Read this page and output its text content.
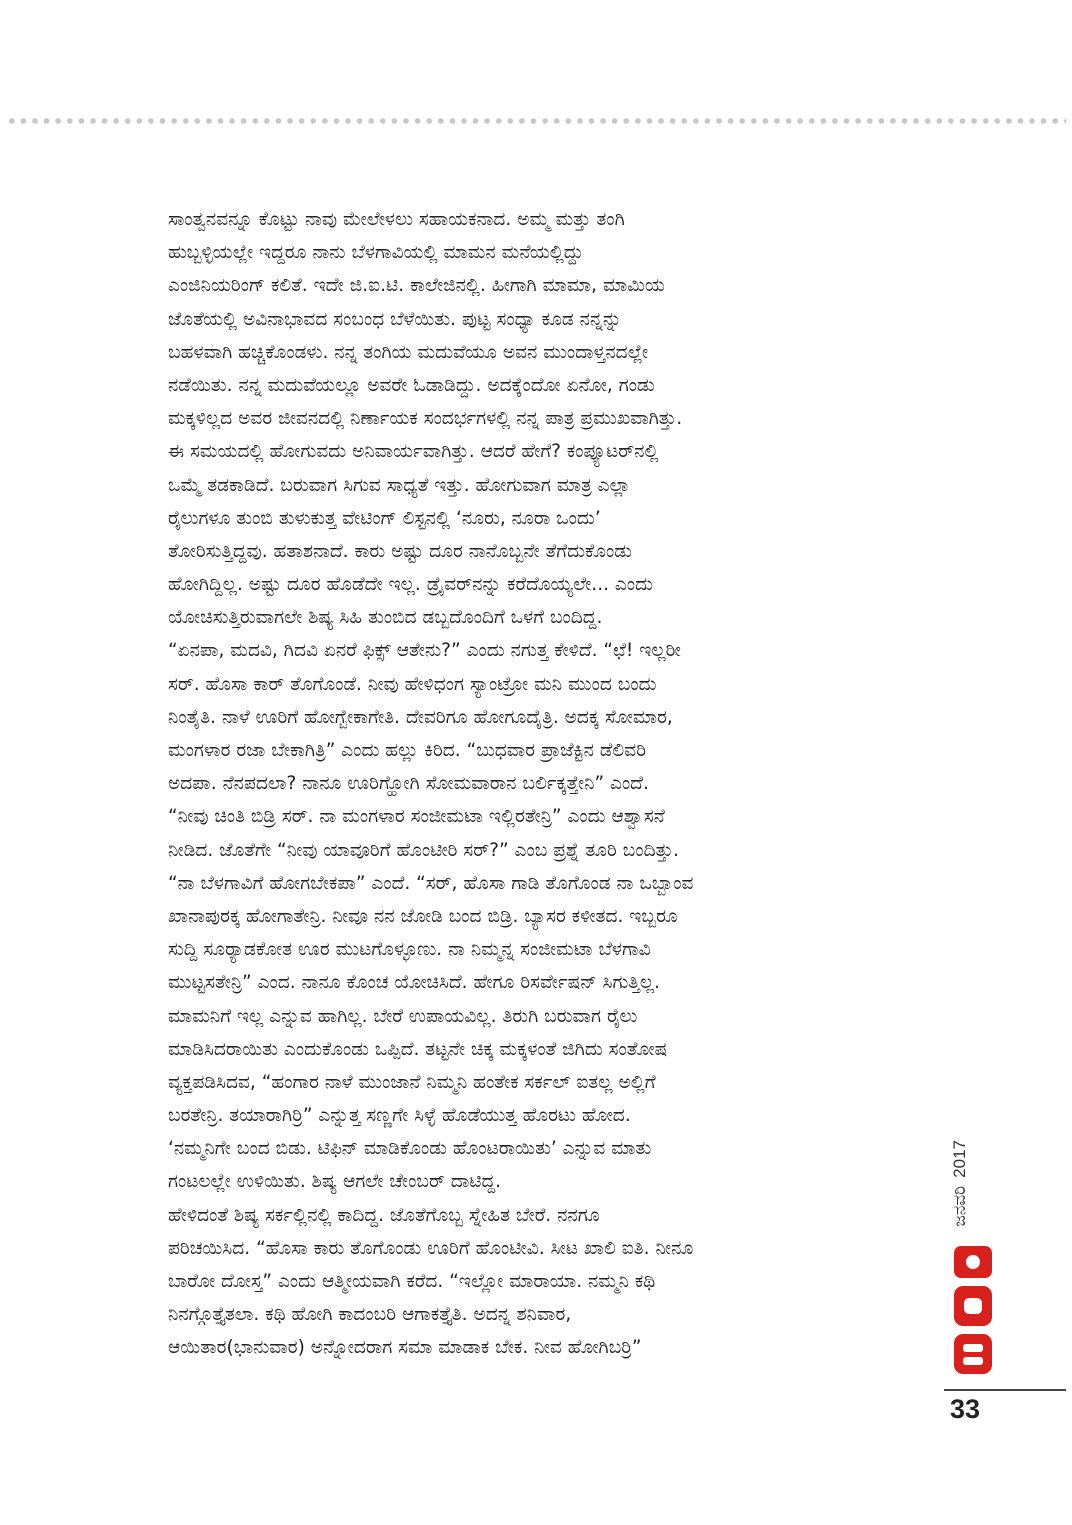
ಸಾಂತ್ವನವನ್ನೂ ಕೊಟ್ಟು ನಾವು ಮೇಲೇಳಲು ಸಹಾಯಕನಾದ. ಅಮ್ಮ ಮತ್ತು ತಂಗಿ
ಹುಬ್ಬಳ್ಳಿಯಲ್ಲೇ ಇದ್ದರೂ ನಾನು ಬೆಳಗಾವಿಯಲ್ಲಿ ಮಾಮನ ಮನೆಯಲ್ಲಿದ್ದು
ಎಂಜಿನಿಯರಿಂಗ್ ಕಲಿತೆ. ಇದೇ ಜಿ.ಐ.ಟಿ. ಕಾಲೇಜಿನಲ್ಲಿ. ಹೀಗಾಗಿ ಮಾಮಾ, ಮಾಮಿಯ
ಜೊತೆಯಲ್ಲಿ ಅವಿನಾಭಾವದ ಸಂಬಂಧ ಬೆಳೆಯಿತು. ಪುಟ್ಟ ಸಂಧ್ಯಾ ಕೂಡ ನನ್ನನ್ನು
ಬಹಳವಾಗಿ ಹಚ್ಚಿಕೊಂಡಳು. ನನ್ನ ತಂಗಿಯ ಮದುವೆಯೂ ಅವನ ಮುಂದಾಳ್ತನದಲ್ಲೇ
ನಡೆಯಿತು. ನನ್ನ ಮದುವೆಯಲ್ಲೂ ಅವರೇ ಓಡಾಡಿದ್ದು. ಅದಕ್ಕೆಂದೋ ಏನೋ, ಗಂಡು
ಮಕ್ಕಳಿಲ್ಲದ ಅವರ ಜೀವನದಲ್ಲಿ ನಿರ್ಣಾಯಕ ಸಂದರ್ಭಗಳಲ್ಲಿ ನನ್ನ ಪಾತ್ರ ಪ್ರಮುಖವಾಗಿತ್ತು.
ಈ ಸಮಯದಲ್ಲಿ ಹೋಗುವದು ಅನಿವಾರ್ಯವಾಗಿತ್ತು. ಆದರೆ ಹೇಗೆ? ಕಂಪ್ಯೂಟರ್‌ನಲ್ಲಿ
ಒಮ್ಮೆ ತಡಕಾಡಿದೆ. ಬರುವಾಗ ಸಿಗುವ ಸಾಧ್ಯತೆ ಇತ್ತು. ಹೋಗುವಾಗ ಮಾತ್ರ ಎಲ್ಲಾ
ರೈಲುಗಳೂ ತುಂಬಿ ತುಳುಕುತ್ತ ವೇಟಿಂಗ್ ಲಿಸ್ಟನಲ್ಲಿ ‘ನೂರು, ನೂರಾ ಒಂದು’
ತೋರಿಸುತ್ತಿದ್ದವು. ಹತಾಶನಾದೆ. ಕಾರು ಅಷ್ಟು ದೂರ ನಾನೊಬ್ಬನೇ ತೆಗೆದುಕೊಂಡು
ಹೋಗಿದ್ದಿಲ್ಲ. ಅಷ್ಟು ದೂರ ಹೊಡೆದೇ ಇಲ್ಲ. ಡ್ರೈವರ್‌ನನ್ನು ಕರೆದೊಯ್ಯಲೇ... ಎಂದು
ಯೋಚಿಸುತ್ತಿರುವಾಗಲೇ ಶಿಷ್ಯ ಸಿಹಿ ತುಂಬಿದ ಡಬ್ಬದೊಂದಿಗೆ ಒಳಗೆ ಬಂದಿದ್ದ.
“ಏನಪಾ, ಮದವಿ, ಗಿದವಿ ಏನರೆ ಫಿಕ್ಸ್ ಆತೇನು?” ಎಂದು ನಗುತ್ತ ಕೇಳಿದೆ. “ಛೆ! ಇಲ್ಲರೀ
ಸರ್. ಹೊಸಾ ಕಾರ್ ತೊಗೊಂಡೆ. ನೀವು ಹೇಳಿಧಂಗ ಸ್ಯಾಂಟ್ರೋ ಮನಿ ಮುಂದ ಬಂದು
ನಿಂತೈತಿ. ನಾಳೆ ಊರಿಗೆ ಹೋಗ್ಬೇಕಾಗೇತಿ. ದೇವರಿಗೂ ಹೋಗೂದೈತ್ರಿ. ಅದಕ್ಕ ಸೋಮಾರ,
ಮಂಗಳಾರ ರಜಾ ಬೇಕಾಗಿತ್ರಿ” ಎಂದು ಹಲ್ಲು ಕಿರಿದ. “ಬುಧವಾರ ಪ್ರಾಜೆಕ್ಟಿನ ಡೆಲಿವರಿ
ಅದಪಾ. ನೆನಪದಲಾ? ನಾನೂ ಊರಿಗ್ಹೋಗಿ ಸೋಮವಾರಾನ ಬರ್ಲಿಕ್ಕತ್ತೇನಿ” ಎಂದೆ.
“ನೀವು ಚಿಂತಿ ಬಿಡ್ರಿ ಸರ್. ನಾ ಮಂಗಳಾರ ಸಂಜೀಮಟಾ ಇಲ್ಲಿರತೇನ್ರಿ” ಎಂದು ಆಶ್ವಾಸನೆ
ನೀಡಿದ. ಜೊತೆಗೇ “ನೀವು ಯಾವೂರಿಗೆ ಹೊಂಟೀರಿ ಸರ್?” ಎಂಬ ಪ್ರಶ್ನೆ ತೂರಿ ಬಂದಿತ್ತು.
“ನಾ ಬೆಳಗಾವಿಗೆ ಹೋಗಬೇಕಪಾ” ಎಂದೆ. “ಸರ್, ಹೊಸಾ ಗಾಡಿ ತೊಗೊಂಡ ನಾ ಒಬ್ಬಾಂವ
ಖಾನಾಪುರಕ್ಕ ಹೋಗಾತೇನ್ರಿ. ನೀವೂ ನನ ಜೋಡಿ ಬಂದ ಬಿಡ್ರಿ. ಬ್ಯಾಸರ ಕಳೀತದ. ಇಬ್ಬರೂ
ಸುದ್ದಿ ಸೂರ್‍ಯಾಡಕೋತ ಊರ ಮುಟಗೊಳ್ಳೂಣು. ನಾ ನಿಮ್ಮನ್ನ ಸಂಜೀಮಟಾ ಬೆಳಗಾವಿ
ಮುಟ್ಟಸತೇನ್ರಿ” ಎಂದ. ನಾನೂ ಕೊಂಚ ಯೋಚಿಸಿದೆ. ಹೇಗೂ ರಿಸರ್ವೇಷನ್ ಸಿಗುತ್ತಿಲ್ಲ.
ಮಾಮನಿಗೆ ಇಲ್ಲ ಎನ್ನುವ ಹಾಗಿಲ್ಲ. ಬೇರೆ ಉಪಾಯವಿಲ್ಲ. ತಿರುಗಿ ಬರುವಾಗ ರೈಲು
ಮಾಡಿಸಿದರಾಯಿತು ಎಂದುಕೊಂಡು ಒಪ್ಪಿದೆ. ತಟ್ಟನೇ ಚಿಕ್ಕ ಮಕ್ಕಳಂತೆ ಜಿಗಿದು ಸಂತೋಷ
ವ್ಯಕ್ತಪಡಿಸಿದವ, “ಹಂಗಾರ ನಾಳೆ ಮುಂಜಾನೆ ನಿಮ್ಮನಿ ಹಂತೇಕ ಸರ್ಕಲ್ ಐತಲ್ಲ ಅಲ್ಲಿಗೆ
ಬರತೇನ್ರಿ. ತಯಾರಾಗಿರ್ರಿ” ಎನ್ನುತ್ತ ಸಣ್ಣಗೇ ಸಿಳ್ಳೆ ಹೊಡೆಯುತ್ತ ಹೊರಟು ಹೋದ.
‘ನಮ್ಮನಿಗೇ ಬಂದ ಬಿಡು. ಟಿಫಿನ್ ಮಾಡಿಕೊಂಡು ಹೊಂಟರಾಯಿತು’ ಎನ್ನುವ ಮಾತು
ಗಂಟಲಲ್ಲೇ ಉಳಿಯಿತು. ಶಿಷ್ಯ ಆಗಲೇ ಚೇಂಬರ್ ದಾಟಿದ್ದ.
ಹೇಳಿದಂತೆ ಶಿಷ್ಯ ಸರ್ಕಲ್ಲಿನಲ್ಲಿ ಕಾದಿದ್ದ. ಜೊತೆಗೊಬ್ಬ ಸ್ನೇಹಿತ ಬೇರೆ. ನನಗೂ
ಪರಿಚಯಿಸಿದ. “ಹೊಸಾ ಕಾರು ತೊಗೊಂಡು ಊರಿಗೆ ಹೊಂಟೀವಿ. ಸೀಟ ಖಾಲಿ ಐತಿ. ನೀನೂ
ಬಾರೋ ದೋಸ್ತ” ಎಂದು ಆತ್ಮೀಯವಾಗಿ ಕರೆದ. “ಇಲ್ಲೋ ಮಾರಾಯಾ. ನಮ್ಮನಿ ಕಥಿ
ನಿನಗ್ಗೊತ್ತೈತಲಾ. ಕಥಿ ಹೋಗಿ ಕಾದಂಬರಿ ಆಗಾಕತ್ತೈತಿ. ಅದನ್ನ ಶನಿವಾರ,
ಆಯಿತಾರ(ಭಾನುವಾರ) ಅನ್ನೋದರಾಗ ಸಮಾ ಮಾಡಾಕ ಬೇಕ. ನೀವ ಹೋಗಿಬರ್ರಿ”
ಜನವರಿ2017
33
